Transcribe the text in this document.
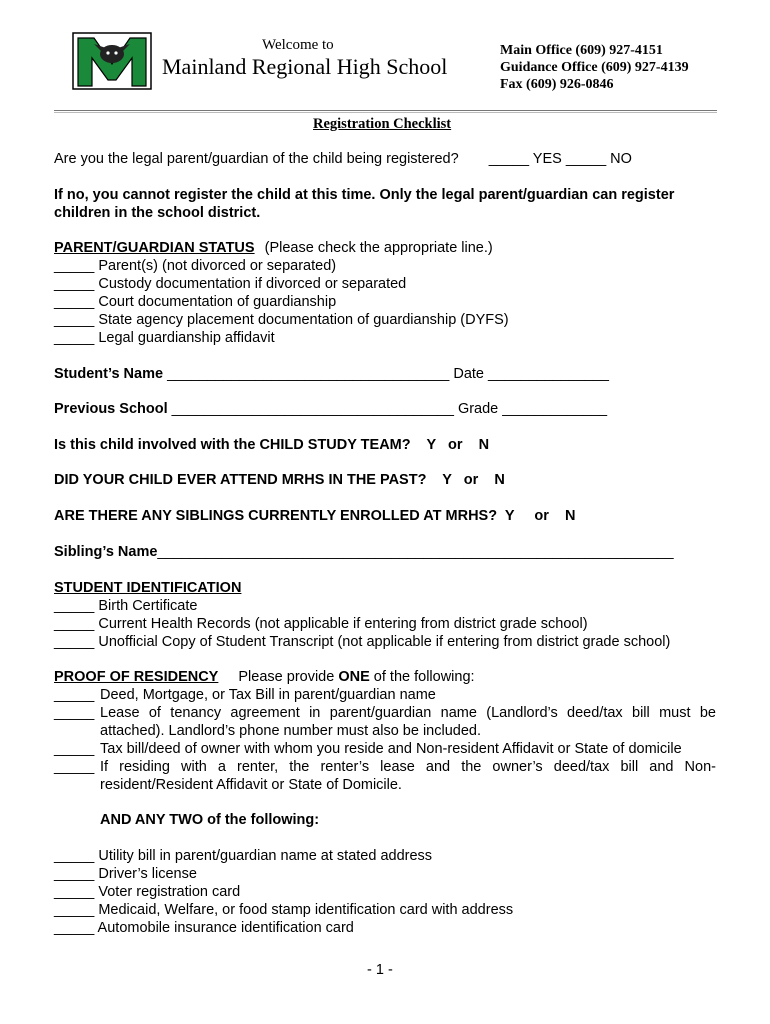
Welcome to
Mainland Regional High School
Main Office (609) 927-4151
Guidance Office (609) 927-4139
Fax (609) 926-0846
Registration Checklist
Are you the legal parent/guardian of the child being registered? _____ YES _____ NO
If no, you cannot register the child at this time. Only the legal parent/guardian can register
children in the school district.
PARENT/GUARDIAN STATUS (Please check the appropriate line.)
_____ Parent(s) (not divorced or separated)
_____ Custody documentation if divorced or separated
_____ Court documentation of guardianship
_____ State agency placement documentation of guardianship (DYFS)
_____ Legal guardianship affidavit
Student’s Name ___________________________________ Date _______________
Previous School ___________________________________ Grade _____________
Is this child involved with the CHILD STUDY TEAM?    Y   or    N
DID YOUR CHILD EVER ATTEND MRHS IN THE PAST?    Y   or    N
ARE THERE ANY SIBLINGS CURRENTLY ENROLLED AT MRHS?  Y     or    N
Sibling’s Name________________________________________________________________
STUDENT IDENTIFICATION
_____ Birth Certificate
_____ Current Health Records (not applicable if entering from district grade school)
_____ Unofficial Copy of Student Transcript (not applicable if entering from district grade school)
PROOF OF RESIDENCY Please provide ONE of the following:
_____ Deed, Mortgage, or Tax Bill in parent/guardian name
_____ Lease of tenancy agreement in parent/guardian name (Landlord’s deed/tax bill must be
attached). Landlord’s phone number must also be included.
_____ Tax bill/deed of owner with whom you reside and Non-resident Affidavit or State of domicile
_____ If residing with a renter, the renter’s lease and the owner’s deed/tax bill and Non-
resident/Resident Affidavit or State of Domicile.
AND ANY TWO of the following:
_____ Utility bill in parent/guardian name at stated address
_____ Driver’s license
_____ Voter registration card
_____ Medicaid, Welfare, or food stamp identification card with address
_____ Automobile insurance identification card
- 1 -
